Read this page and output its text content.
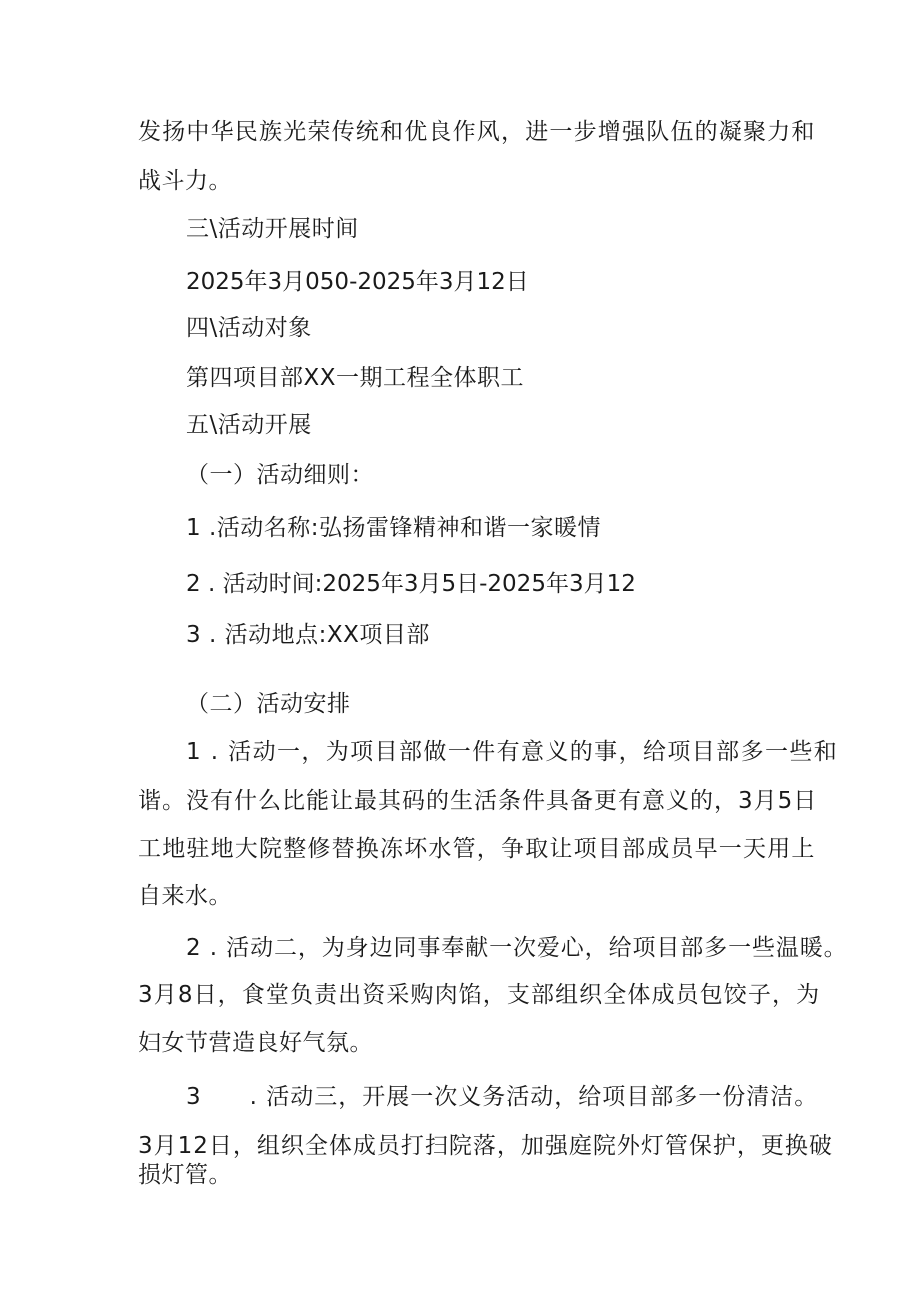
发扬中华民族光荣传统和优良作风，进一步增强队伍的凝聚力和
战斗力。
三\活动开展时间
2025年3月050-2025年3月12日
四\活动对象
第四项目部XX一期工程全体职工
五\活动开展
（一）活动细则：
1 .活动名称:弘扬雷锋精神和谐一家暖情
2 . 活动时间:2025年3月5日-2025年3月12
3 . 活动地点:XX项目部
（二）活动安排
1 . 活动一，为项目部做一件有意义的事，给项目部多一些和
谐。没有什么比能让最其码的生活条件具备更有意义的，3月5日
工地驻地大院整修替换冻坏水管，争取让项目部成员早一天用上
自来水。
2 . 活动二，为身边同事奉献一次爱心，给项目部多一些温暖。
3月8日，食堂负责出资采购肉馅，支部组织全体成员包饺子，为
妇女节营造良好气氛。
3　　. 活动三，开展一次义务活动，给项目部多一份清洁。
3月12日，组织全体成员打扫院落，加强庭院外灯管保护，更换破
损灯管。
